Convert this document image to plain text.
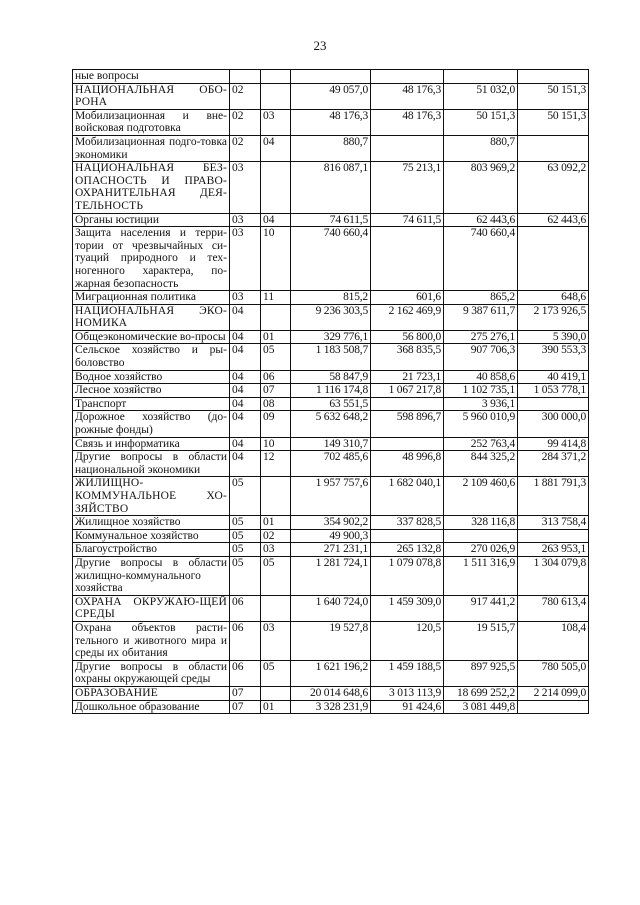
23
ные вопросы						
НАЦИОНАЛЬНАЯ ОБО-РОНА	02		49 057,0	48 176,3	51 032,0	50 151,3
Мобилизационная и вне-войсковая подготовка	02	03	48 176,3	48 176,3	50 151,3	50 151,3
Мобилизационная подго-товка экономики	02	04	880,7		880,7	
НАЦИОНАЛЬНАЯ БЕЗ-ОПАСНОСТЬ И ПРАВО-ОХРАНИТЕЛЬНАЯ ДЕЯ-ТЕЛЬНОСТЬ	03		816 087,1	75 213,1	803 969,2	63 092,2
Органы юстиции	03	04	74 611,5	74 611,5	62 443,6	62 443,6
Защита населения и терри-тории от чрезвычайных си-туаций природного и тех-ногенного характера, по-жарная безопасность	03	10	740 660,4		740 660,4	
Миграционная политика	03	11	815,2	601,6	865,2	648,6
НАЦИОНАЛЬНАЯ ЭКО-НОМИКА	04		9 236 303,5	2 162 469,9	9 387 611,7	2 173 926,5
Общеэкономические во-просы	04	01	329 776,1	56 800,0	275 276,1	5 390,0
Сельское хозяйство и ры-боловство	04	05	1 183 508,7	368 835,5	907 706,3	390 553,3
Водное хозяйство	04	06	58 847,9	21 723,1	40 858,6	40 419,1
Лесное хозяйство	04	07	1 116 174,8	1 067 217,8	1 102 735,1	1 053 778,1
Транспорт	04	08	63 551,5		3 936,1	
Дорожное хозяйство (до-рожные фонды)	04	09	5 632 648,2	598 896,7	5 960 010,9	300 000,0
Связь и информатика	04	10	149 310,7		252 763,4	99 414,8
Другие вопросы в области национальной экономики	04	12	702 485,6	48 996,8	844 325,2	284 371,2
ЖИЛИЩНО-КОММУНАЛЬНОЕ ХО-ЗЯЙСТВО	05		1 957 757,6	1 682 040,1	2 109 460,6	1 881 791,3
Жилищное хозяйство	05	01	354 902,2	337 828,5	328 116,8	313 758,4
Коммунальное хозяйство	05	02	49 900,3			
Благоустройство	05	03	271 231,1	265 132,8	270 026,9	263 953,1
Другие вопросы в области жилищно-коммунального хозяйства	05	05	1 281 724,1	1 079 078,8	1 511 316,9	1 304 079,8
ОХРАНА ОКРУЖАЮ-ЩЕЙ СРЕДЫ	06		1 640 724,0	1 459 309,0	917 441,2	780 613,4
Охрана объектов расти-тельного и животного мира и среды их обитания	06	03	19 527,8	120,5	19 515,7	108,4
Другие вопросы в области охраны окружающей среды	06	05	1 621 196,2	1 459 188,5	897 925,5	780 505,0
ОБРАЗОВАНИЕ	07		20 014 648,6	3 013 113,9	18 699 252,2	2 214 099,0
Дошкольное образование	07	01	3 328 231,9	91 424,6	3 081 449,8	
